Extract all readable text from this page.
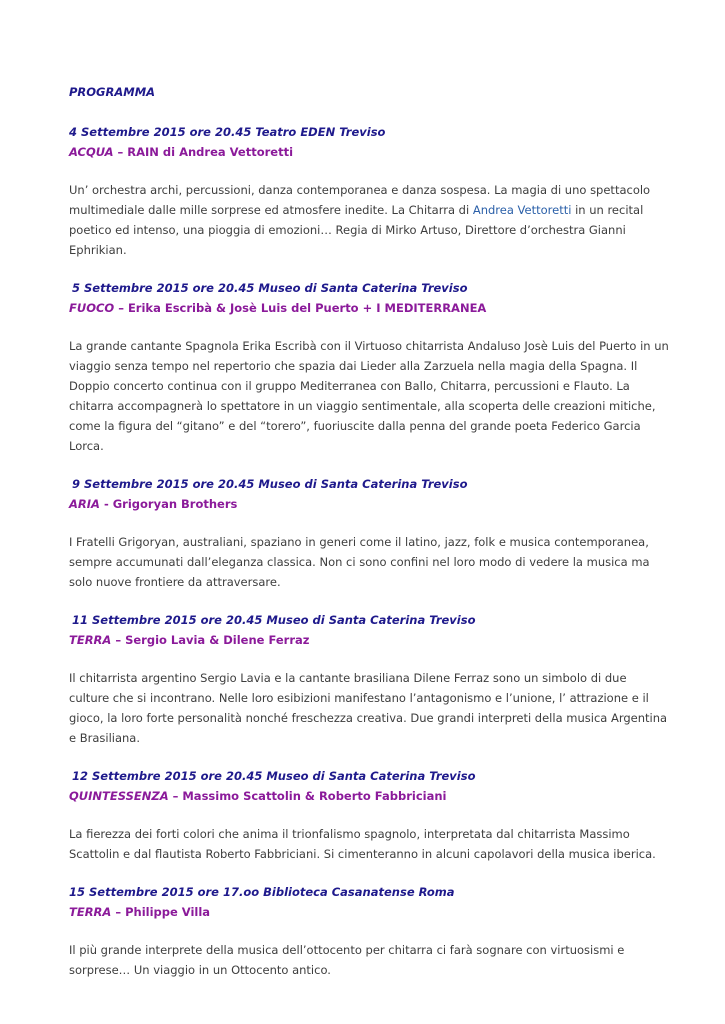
PROGRAMMA
4 Settembre 2015 ore 20.45 Teatro EDEN Treviso
ACQUA – RAIN di Andrea Vettoretti

Un’ orchestra archi, percussioni, danza contemporanea e danza sospesa. La magia di uno spettacolo multimediale dalle mille sorprese ed atmosfere inedite. La Chitarra di Andrea Vettoretti in un recital poetico ed intenso, una pioggia di emozioni… Regia di Mirko Artuso, Direttore d’orchestra Gianni Ephrikian.

5 Settembre 2015 ore 20.45 Museo di Santa Caterina Treviso
FUOCO – Erika Escribà & Josè Luis del Puerto + I MEDITERRANEA

La grande cantante Spagnola Erika Escribà con il Virtuoso chitarrista Andaluso Josè Luis del Puerto in un viaggio senza tempo nel repertorio che spazia dai Lieder alla Zarzuela nella magia della Spagna. Il Doppio concerto continua con il gruppo Mediterranea con Ballo, Chitarra, percussioni e Flauto. La chitarra accompagnerà lo spettatore in un viaggio sentimentale, alla scoperta delle creazioni mitiche, come la figura del “gitano” e del “torero”, fuoriuscite dalla penna del grande poeta Federico Garcia Lorca.

9 Settembre 2015 ore 20.45 Museo di Santa Caterina Treviso
ARIA - Grigoryan Brothers

I Fratelli Grigoryan, australiani, spaziano in generi come il latino, jazz, folk e musica contemporanea, sempre accumunati dall’eleganza classica. Non ci sono confini nel loro modo di vedere la musica ma solo nuove frontiere da attraversare.

11 Settembre 2015 ore 20.45 Museo di Santa Caterina Treviso
TERRA – Sergio Lavia & Dilene Ferraz

Il chitarrista argentino Sergio Lavia e la cantante brasiliana Dilene Ferraz sono un simbolo di due culture che si incontrano. Nelle loro esibizioni manifestano l’antagonismo e l’unione, l’ attrazione e il gioco, la loro forte personalità nonché freschezza creativa. Due grandi interpreti della musica Argentina e Brasiliana.

12 Settembre 2015 ore 20.45 Museo di Santa Caterina Treviso
QUINTESSENZA – Massimo Scattolin & Roberto Fabbriciani

La fierezza dei forti colori che anima il trionfalismo spagnolo, interpretata dal chitarrista Massimo Scattolin e dal flautista Roberto Fabbriciani. Si cimenteranno in alcuni capolavori della musica iberica.

15 Settembre 2015 ore 17.oo Biblioteca Casanatense Roma
TERRA – Philippe Villa

Il più grande interprete della musica dell’ottocento per chitarra ci farà sognare con virtuosismi e sorprese… Un viaggio in un Ottocento antico.
